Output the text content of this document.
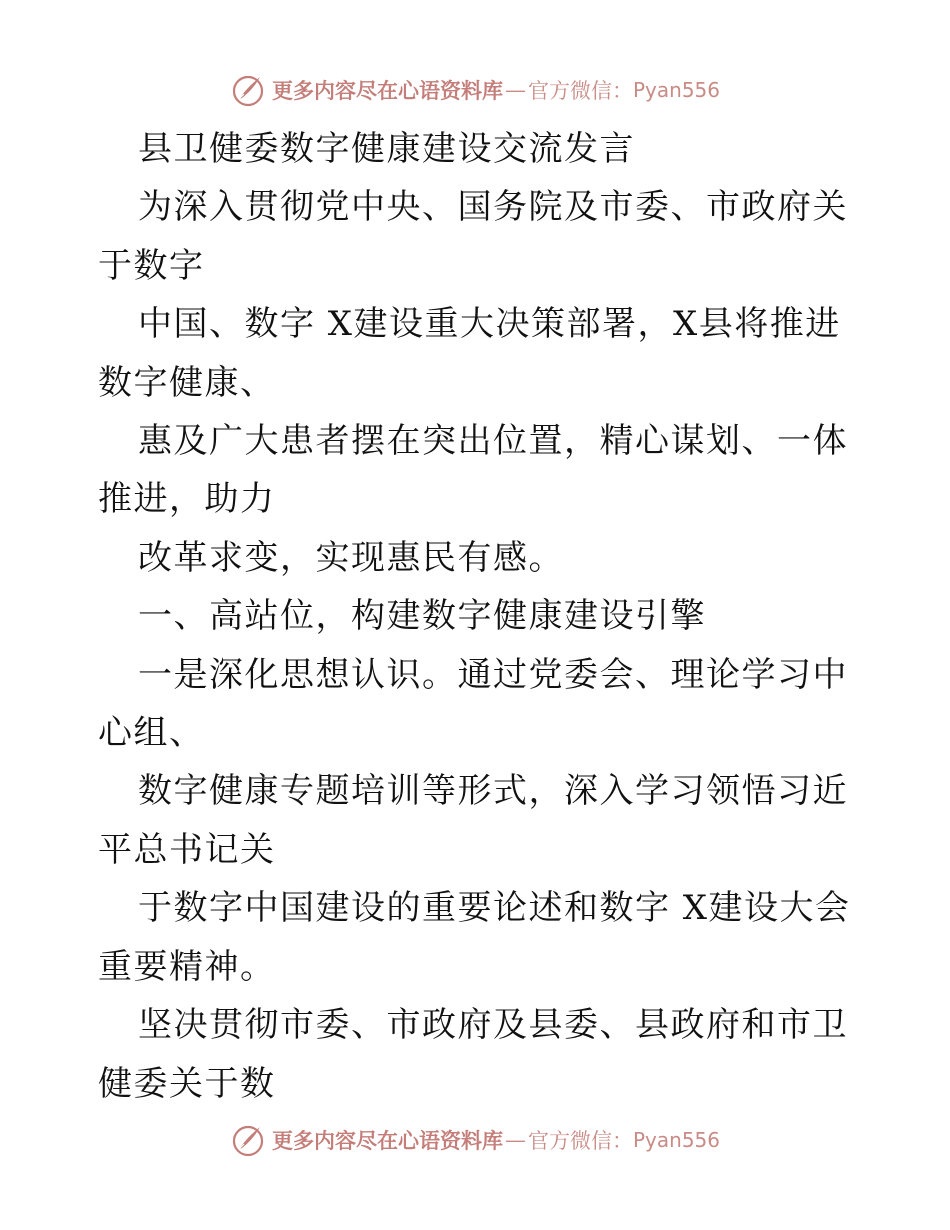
更多内容尽在心语资料库 — 官方微信： Pyan556

县卫健委数字健康建设交流发言

为深入贯彻党中央、国务院及市委、市政府关于数字

中国、数字 X建设重大决策部署，X县将推进数字健康、

惠及广大患者摆在突出位置，精心谋划、一体推进，助力

改革求变，实现惠民有感。

一、高站位，构建数字健康建设引擎

一是深化思想认识。通过党委会、理论学习中心组、

数字健康专题培训等形式，深入学习领悟习近平总书记关

于数字中国建设的重要论述和数字 X建设大会重要精神。

坚决贯彻市委、市政府及县委、县政府和市卫健委关于数

更多内容尽在心语资料库 — 官方微信： Pyan556
